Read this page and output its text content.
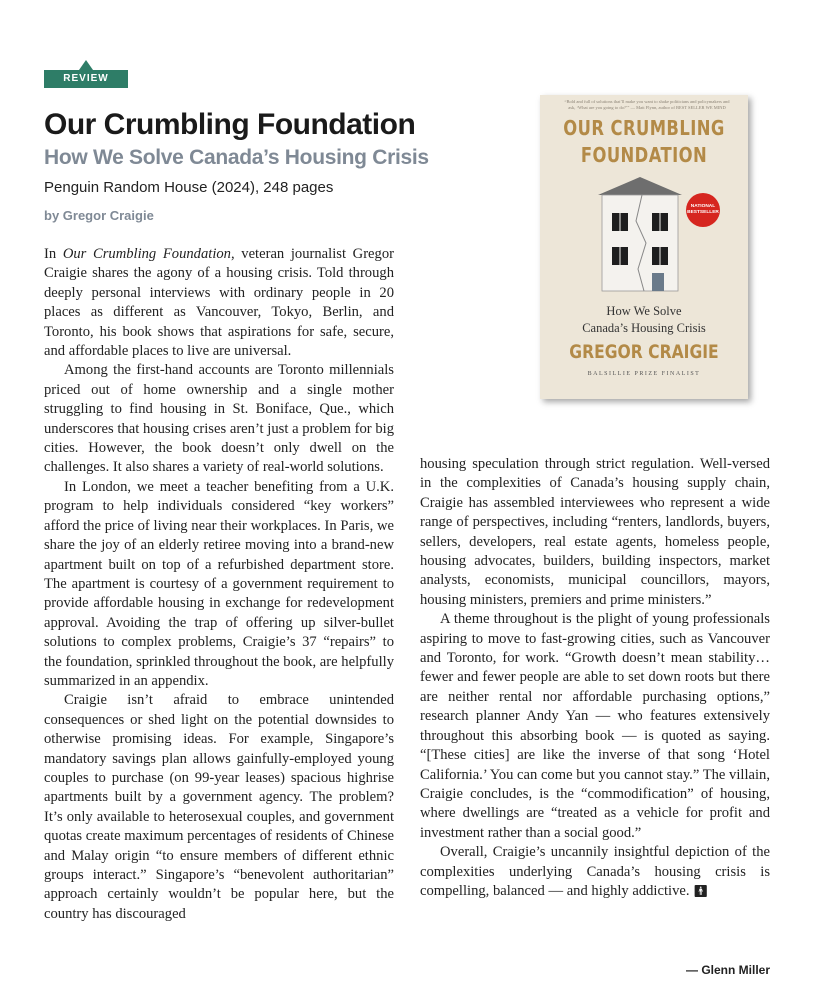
REVIEW
Our Crumbling Foundation
How We Solve Canada’s Housing Crisis
Penguin Random House (2024), 248 pages
by Gregor Craigie
“Bold and full of solutions that’ll make you want to shake politicians and policymakers and ask, ‘What are you going to do?’” — Matt Flynn, author of BEST SELLER WE MIND
OUR CRUMBLING
FOUNDATION
NATIONAL BESTSELLER
How We Solve
Canada’s Housing Crisis
GREGOR CRAIGIE
BALSILLIE PRIZE FINALIST

In Our Crumbling Foundation, veteran journalist Gregor Craigie shares the agony of a housing crisis. Told through deeply personal interviews with ordinary people in 20 places as different as Vancouver, Tokyo, Berlin, and Toronto, his book shows that aspirations for safe, secure, and affordable places to live are universal.

Among the first-hand accounts are Toronto millennials priced out of home ownership and a single mother struggling to find housing in St. Boniface, Que., which underscores that housing crises aren’t just a problem for big cities. However, the book doesn’t only dwell on the challenges. It also shares a variety of real-world solutions.

In London, we meet a teacher benefiting from a U.K. program to help individuals considered “key workers” afford the price of living near their workplaces. In Paris, we share the joy of an elderly retiree moving into a brand-new apartment built on top of a refurbished department store. The apartment is courtesy of a government requirement to provide affordable housing in exchange for redevelopment approval. Avoiding the trap of offering up silver-bullet solutions to complex problems, Craigie’s 37 “repairs” to the foundation, sprinkled throughout the book, are helpfully summarized in an appendix.

Craigie isn’t afraid to embrace unintended consequences or shed light on the potential downsides to otherwise promising ideas. For example, Singapore’s mandatory savings plan allows gainfully-employed young couples to purchase (on 99-year leases) spacious highrise apartments built by a government agency. The problem? It’s only available to heterosexual couples, and government quotas create maximum percentages of residents of Chinese and Malay origin “to ensure members of different ethnic groups interact.” Singapore’s “benevolent authoritarian” approach certainly wouldn’t be popular here, but the country has discouraged

housing speculation through strict regulation. Well-versed in the complexities of Canada’s housing supply chain, Craigie has assembled interviewees who represent a wide range of perspectives, including “renters, landlords, buyers, sellers, developers, real estate agents, homeless people, housing advocates, builders, building inspectors, market analysts, economists, municipal councillors, mayors, housing ministers, premiers and prime ministers.”

A theme throughout is the plight of young professionals aspiring to move to fast-growing cities, such as Vancouver and Toronto, for work. “Growth doesn’t mean stability… fewer and fewer people are able to set down roots but there are neither rental nor affordable purchasing options,” research planner Andy Yan — who features extensively throughout this absorbing book — is quoted as saying. “[These cities] are like the inverse of that song ‘Hotel California.’ You can come but you cannot stay.” The villain, Craigie concludes, is the “commodification” of housing, where dwellings are “treated as a vehicle for profit and investment rather than a social good.”

Overall, Craigie’s uncannily insightful depiction of the complexities underlying Canada’s housing crisis is compelling, balanced — and highly addictive. 🚹︎

— Glenn Miller
